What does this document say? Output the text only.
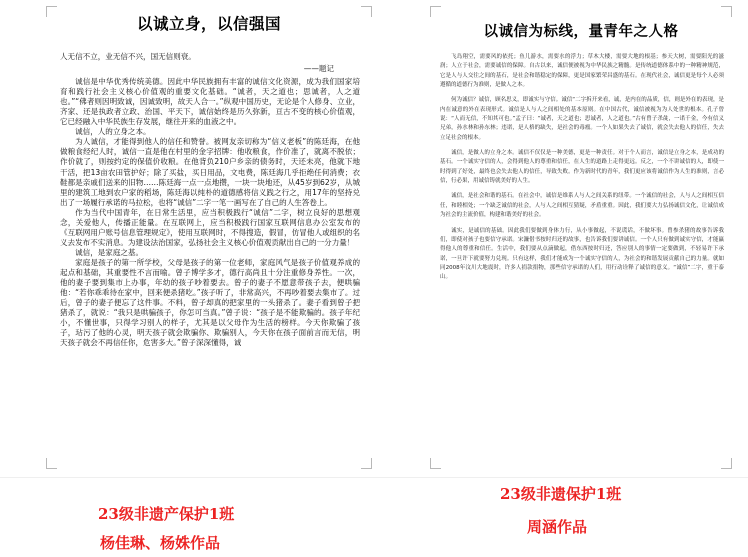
以诚立身，以信强国

人无信不立，业无信不兴，国无信则衰。

——题记

诚信是中华优秀传统美德。因此中华民族拥有丰富的诚信文化资源，成为我们国家培育和践行社会主义核心价值观的重要文化基础。“诚者，天之道也；思诚者，人之道也。”“佛者则因明致诚，因诚致明，故天人合一。”纵观中国历史，无论是个人修身、立业，齐家、还是执政者立政、治国、平天下，诚信始终是历久弥新，亘古不变的核心价值观，它已经融入中华民族生存发展，继往开来的血液之中。

诚信，人的立身之本。

为人诚信，才能得到他人的信任和赞誉。被网友亲切称为“信义老板”的陈廷海，在他做粮食经纪人时，诚信一直是他在村里的金字招牌：他收粮食，作价准了，就离不脱依；作价就了，则按约定的保值价收粮。在他背负210户乡亲的债务时，天还未亮，他就下地干活，把13亩农田管护好；除了买盐，买日用品，文电费，陈廷海几乎拒绝任何消费；衣鞋都是亲戚们送来的旧物……陈廷海一点一点地攒，一块一块地还，从45岁到62岁，从城里的建筑工地到农户家的稻场，陈廷海以纯朴的道德感将信义践之行之，用17年的坚持兑出了一场履行承诺的马拉松，也将“诚信”二字一笔一画写在了自己的人生答卷上。

作为当代中国青年，在日常生活里，应当积极践行“诚信”二字，树立良好的思想观念，关爱他人，传播正能量。在互联网上，应当积极践行国家互联网信息办公室发布的《互联网用户账号信息管理规定》，使用互联网时，不得搜造，假冒，仿冒他人或组织的名义去发布不实消息。为建设法治国家，弘扬社会主义核心价值观贡献出自己的一分力量！

诚信，是家庭之基。

家庭是孩子的第一所学校，父母是孩子的第一位老师，家庭风气是孩子价值观养成的起点和基础，其重要性不言而喻。曾子博学多才，德行高尚且十分注重修身养性。一次，他的妻子要到集市上办事，年幼的孩子吵着要去。曾子的妻子不愿意带孩子去，便哄骗他：“若你乖乖待在家中，回来便杀猪吃。”孩子听了，非常高兴，不再吵着要去集市了。过后，曾子的妻子便忘了这件事。不料，曾子却真的把家里的一头猪杀了。妻子看到曾子把猪杀了，就说：“我只是哄骗孩子，你怎可当真。”曾子说：“孩子是不能欺骗的。孩子年纪小，不懂世事，只得学习别人的样子，尤其是以父母作为生活的榜样。今天你欺骗了孩子，玷污了他的心灵，明天孩子就会欺骗你、欺骗别人，今天你在孩子面前言而无信，明天孩子就会不再信任你，危害多大。”曾子深深懂得，诚

以诚信为标线，量青年之人格

飞岛翔空，需要风的依托；鱼儿游水，需要水的浮力；草木大楼，需要大地的根基；参天大树，需要阳光的滋润；人立于社会，需要诚信的保障。自古以来，诚信便被视为中华民族之精髓。是传统道德体系中的一种精神规范，它是人与人交往之间的基石，是社会和谐稳定的保障，更是国家繁荣昌盛的基石。在现代社会，诚信更是每个人必须遵循的道德行为准则，是做人之本。

何为诚信？诚信，顾名思义，即诚实与守信。诚信“二字拆开来看，诚，是内在的品质，信，则是外在的表现，是内在诚意的外在表现形式。诚信是人与人之间相处的基本原则。在中国古代，诚信被视为为人处世的根本。孔子曾说：“人而无信，不知其可也。”孟子曰：“诚者，天之道也；思诚者，人之道也。”古有曾子杀彘，一诺千金，今有信义兄弟，孙水林和孙东林；违诺，是人格的缺失，是社会的毒瘤。一个人如果失去了诚信，就会失去他人的信任，失去立足社会的根本。

诚信，是做人的立身之本。诚信不仅仅是一种美德，更是一种责任。对于个人而言，诚信是立身之本，是成功的基石。一个诚实守信的人，会得到他人的尊重和信任，在人生的道路上走得更远。反之，一个不讲诚信的人，即使一时得到了好处，最终也会失去他人的信任，导致失败。作为新时代的青年，我们更应该将诚信作为人生的准则，言必信，行必果，用诚信铸就美好的人生。

诚信，是社会和谐的基石。在社会中，诚信是维系人与人之间关系的纽带。一个诚信的社会，人与人之间相互信任，和睦相处；一个缺乏诚信的社会，人与人之间相互猜疑，矛盾重重。因此，我们要大力弘扬诚信文化，让诚信成为社会的主流价值，构建和谐美好的社会。

诚实，是诚信的基础。因此我们要做到身体力行，从小事做起，不说谎话，不做坏事。曾参杀猪的故事告诉我们，即使对孩子也要信守承诺。宋濂借书按时归还的故事，也告诉我们要讲诚信。一个人只有做到诚实守信，才能赢得他人的尊重和信任。生活中，我们要从点滴做起，借东西按时归还，答应别人的事情一定要做到，不轻易许下承诺，一旦许下就要努力兑现。只有这样，我们才能成为一个诚实守信的人，为社会的和谐发展贡献自己的力量。就如同2008年汶川大地震时，许多人捐款捐物，那些信守承诺的人们，用行动诠释了诚信的意义。“诚信”二字，重于泰山。

23级非遗产保护1班
杨佳琳、杨姝作品
23级非遗保护1班
周涵作品
